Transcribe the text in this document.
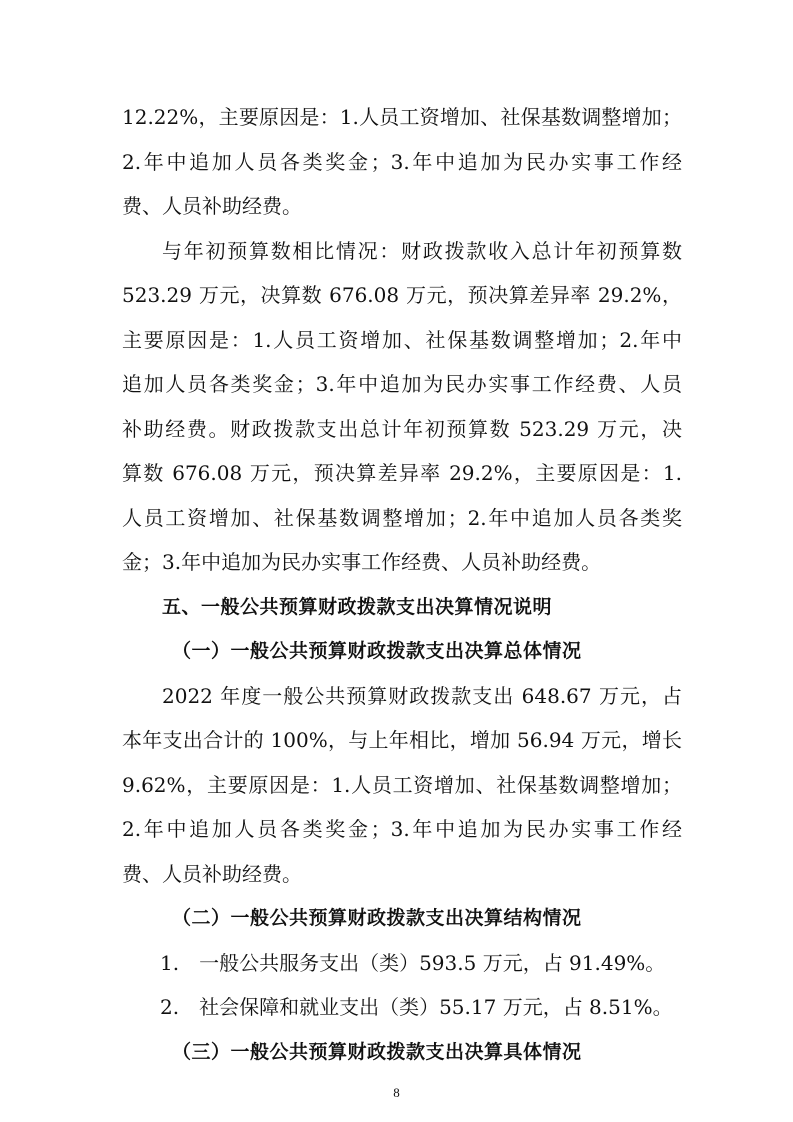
12.22%，主要原因是：1.人员工资增加、社保基数调整增加；
2.年中追加人员各类奖金；3.年中追加为民办实事工作经
费、人员补助经费。
与年初预算数相比情况：财政拨款收入总计年初预算数
523.29 万元，决算数 676.08 万元，预决算差异率 29.2%，
主要原因是：1.人员工资增加、社保基数调整增加；2.年中
追加人员各类奖金；3.年中追加为民办实事工作经费、人员
补助经费。财政拨款支出总计年初预算数 523.29 万元，决
算数 676.08 万元，预决算差异率 29.2%，主要原因是：1.
人员工资增加、社保基数调整增加；2.年中追加人员各类奖
金；3.年中追加为民办实事工作经费、人员补助经费。
五、一般公共预算财政拨款支出决算情况说明
（一）一般公共预算财政拨款支出决算总体情况
2022 年度一般公共预算财政拨款支出 648.67 万元，占
本年支出合计的 100%，与上年相比，增加 56.94 万元，增长
9.62%，主要原因是：1.人员工资增加、社保基数调整增加；
2.年中追加人员各类奖金；3.年中追加为民办实事工作经
费、人员补助经费。
（二）一般公共预算财政拨款支出决算结构情况
1.　一般公共服务支出（类）593.5 万元，占 91.49%。
2.　社会保障和就业支出（类）55.17 万元，占 8.51%。
（三）一般公共预算财政拨款支出决算具体情况
8
